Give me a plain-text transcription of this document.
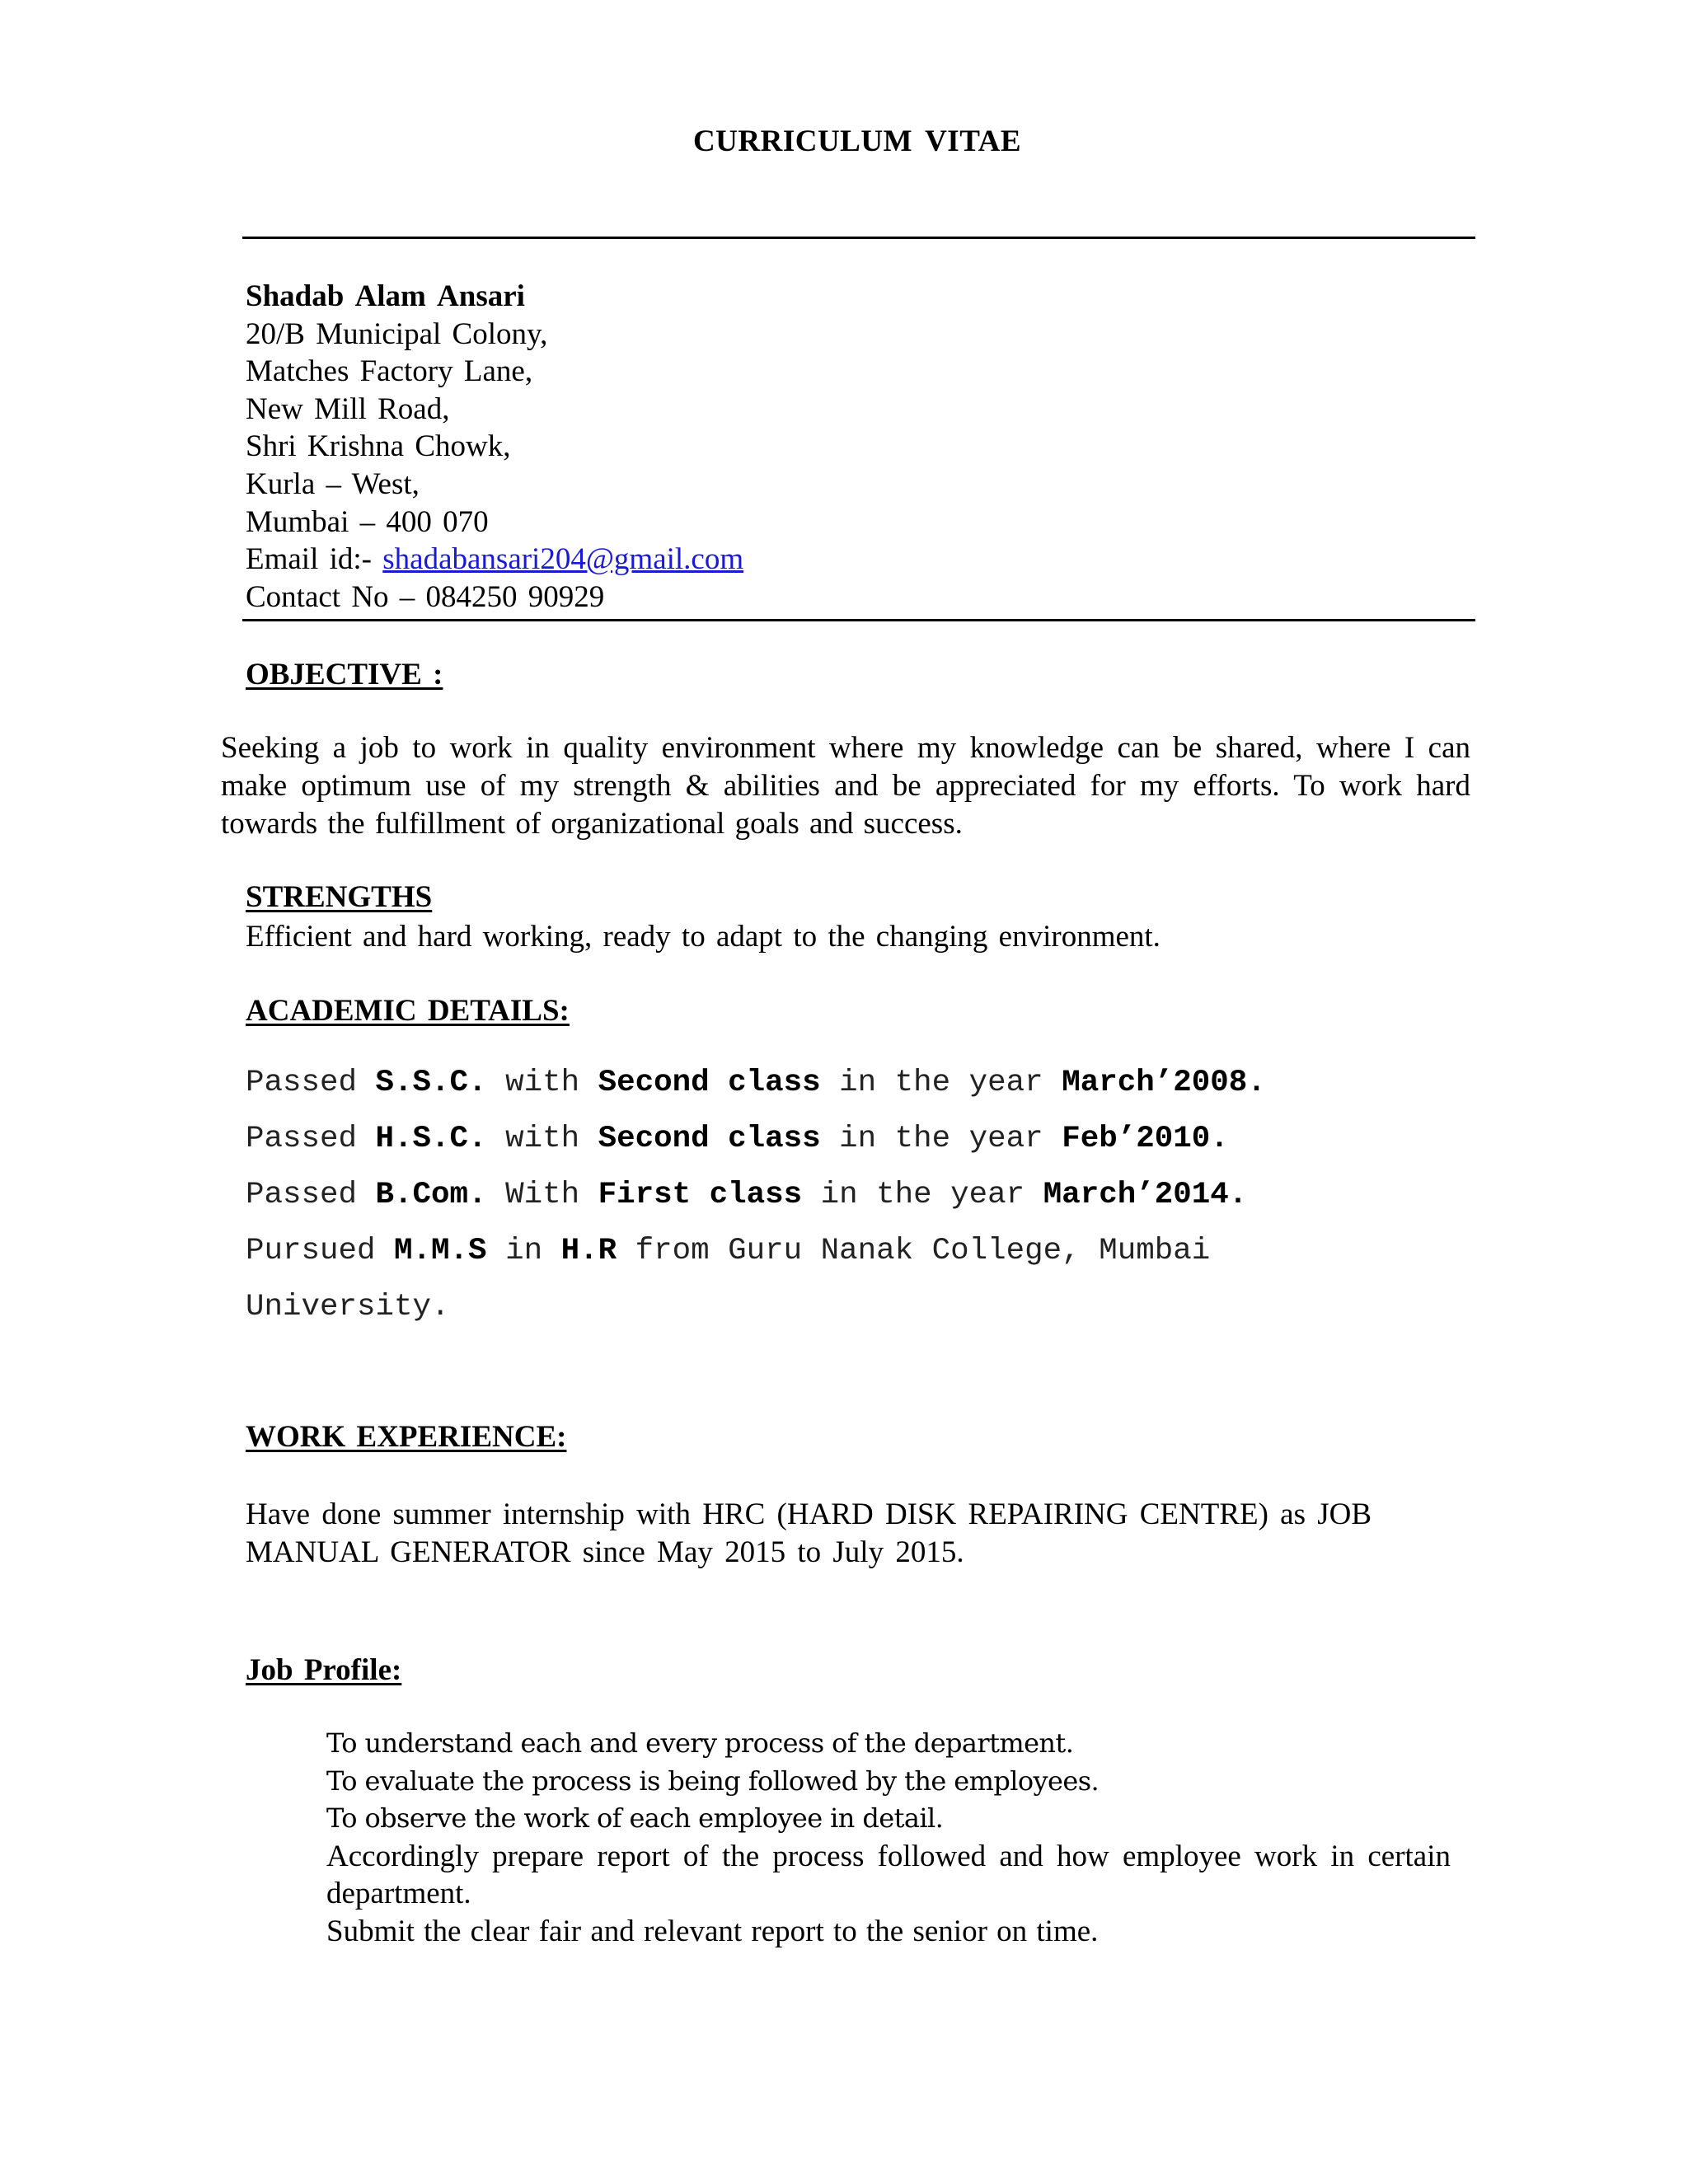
CURRICULUM VITAE
Shadab Alam Ansari
20/B Municipal Colony,
Matches Factory Lane,
New Mill Road,
Shri Krishna Chowk,
Kurla – West,
Mumbai – 400 070
Email id:- shadabansari204@gmail.com
Contact No – 084250 90929
OBJECTIVE :
Seeking a job to work in quality environment where my knowledge can be shared, where I can make optimum use of my strength & abilities and be appreciated for my efforts. To work hard towards the fulfillment of organizational goals and success.
STRENGTHS
Efficient and hard working, ready to adapt to the changing environment.
ACADEMIC DETAILS:
Passed S.S.C. with Second class in the year March’2008.
Passed H.S.C. with Second class in the year Feb’2010.
Passed B.Com. With First class in the year March’2014.
Pursued M.M.S in H.R from Guru Nanak College, Mumbai
University.
WORK EXPERIENCE:
Have done summer internship with HRC (HARD DISK REPAIRING CENTRE) as JOB MANUAL GENERATOR since May 2015 to July 2015.
Job Profile:
To understand each and every process of the department.
To evaluate the process is being followed by the employees.
To observe the work of each employee in detail.
Accordingly prepare report of the process followed and how employee work in certain
department.
Submit the clear fair and relevant report to the senior on time.
